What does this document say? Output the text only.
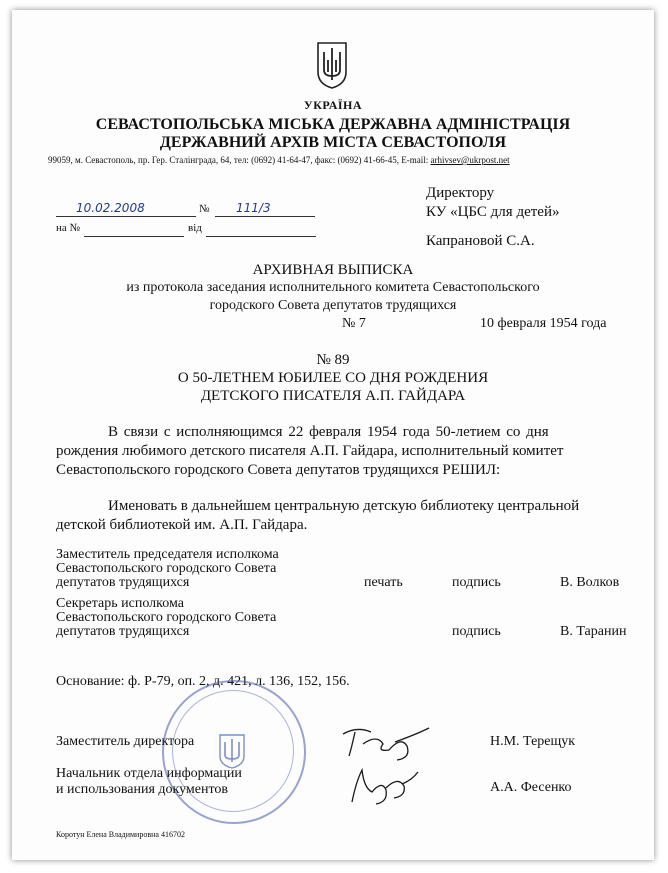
УКРАЇНА
СЕВАСТОПОЛЬСЬКА МІСЬКА ДЕРЖАВНА АДМІНІСТРАЦІЯ
ДЕРЖАВНИЙ АРХІВ МІСТА СЕВАСТОПОЛЯ
99059, м. Севастополь, пр. Гер. Сталінграда, 64, тел: (0692) 41-64-47, факс: (0692) 41-66-45, E-mail: arhivsev@ukrpost.net
10.02.2008	№ 111/3
на №	від
Директору
КУ «ЦБС для детей»
Капрановой С.А.
АРХИВНАЯ ВЫПИСКА
из протокола заседания исполнительного комитета Севастопольского
городского Совета депутатов трудящихся
№ 7	10 февраля 1954 года
№ 89
О 50-ЛЕТНЕМ ЮБИЛЕЕ СО ДНЯ РОЖДЕНИЯ
ДЕТСКОГО ПИСАТЕЛЯ А.П. ГАЙДАРА
В связи с исполняющимся 22 февраля 1954 года 50-летием со дня
рождения любимого детского писателя А.П. Гайдара, исполнительный комитет
Севастопольского городского Совета депутатов трудящихся РЕШИЛ:
Именовать в дальнейшем центральную детскую библиотеку центральной
детской библиотекой им. А.П. Гайдара.
Заместитель председателя исполкома
Севастопольского городского Совета
депутатов трудящихся	печать	подпись	В. Волков
Секретарь исполкома
Севастопольского городского Совета
депутатов трудящихся	подпись	В. Таранин
Основание: ф. Р-79, оп. 2, д. 421, л. 136, 152, 156.
Заместитель директора	Н.М. Терещук
Начальник отдела информации
и использования документов	А.А. Фесенко
Коротун Елена Владимировна 416702
